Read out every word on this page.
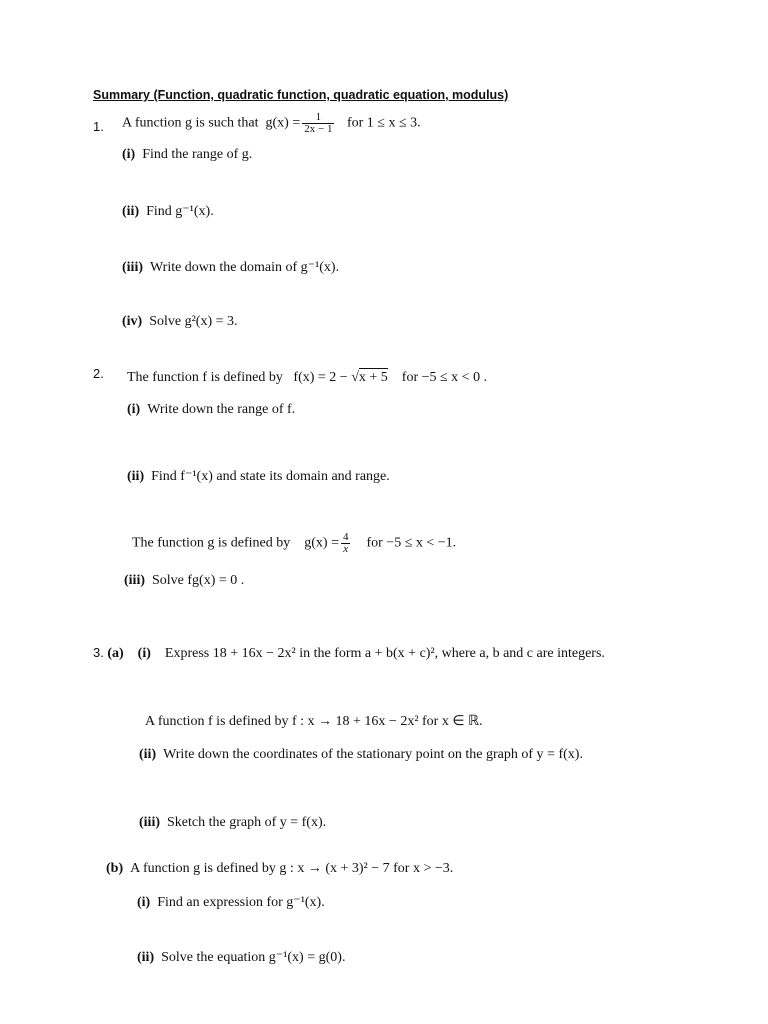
Summary (Function, quadratic function, quadratic equation, modulus)
1. A function g is such that $g(x) = \frac{1}{2x - 1}$ for 1 ≤ x ≤ 3.
(i) Find the range of g.
(ii) Find g⁻¹(x).
(iii) Write down the domain of g⁻¹(x).
(iv) Solve g²(x) = 3.
2. The function f is defined by f(x) = 2 − √x + 5 for −5 ≤ x < 0 .
(i) Write down the range of f.
(ii) Find f⁻¹(x) and state its domain and range.
The function g is defined by $g(x) = \frac{4}{x}$ for −5 ≤ x < −1.
(iii) Solve fg(x) = 0 .
3. (a) (i) Express 18 + 16x − 2x² in the form a + b(x + c)², where a, b and c are integers.
A function f is defined by f : x → 18 + 16x − 2x² for x ∈ ℝ.
(ii) Write down the coordinates of the stationary point on the graph of y = f(x).
(iii) Sketch the graph of y = f(x).
(b) A function g is defined by g : x → (x + 3)² − 7 for x > −3.
(i) Find an expression for g⁻¹(x).
(ii) Solve the equation g⁻¹(x) = g(0).
